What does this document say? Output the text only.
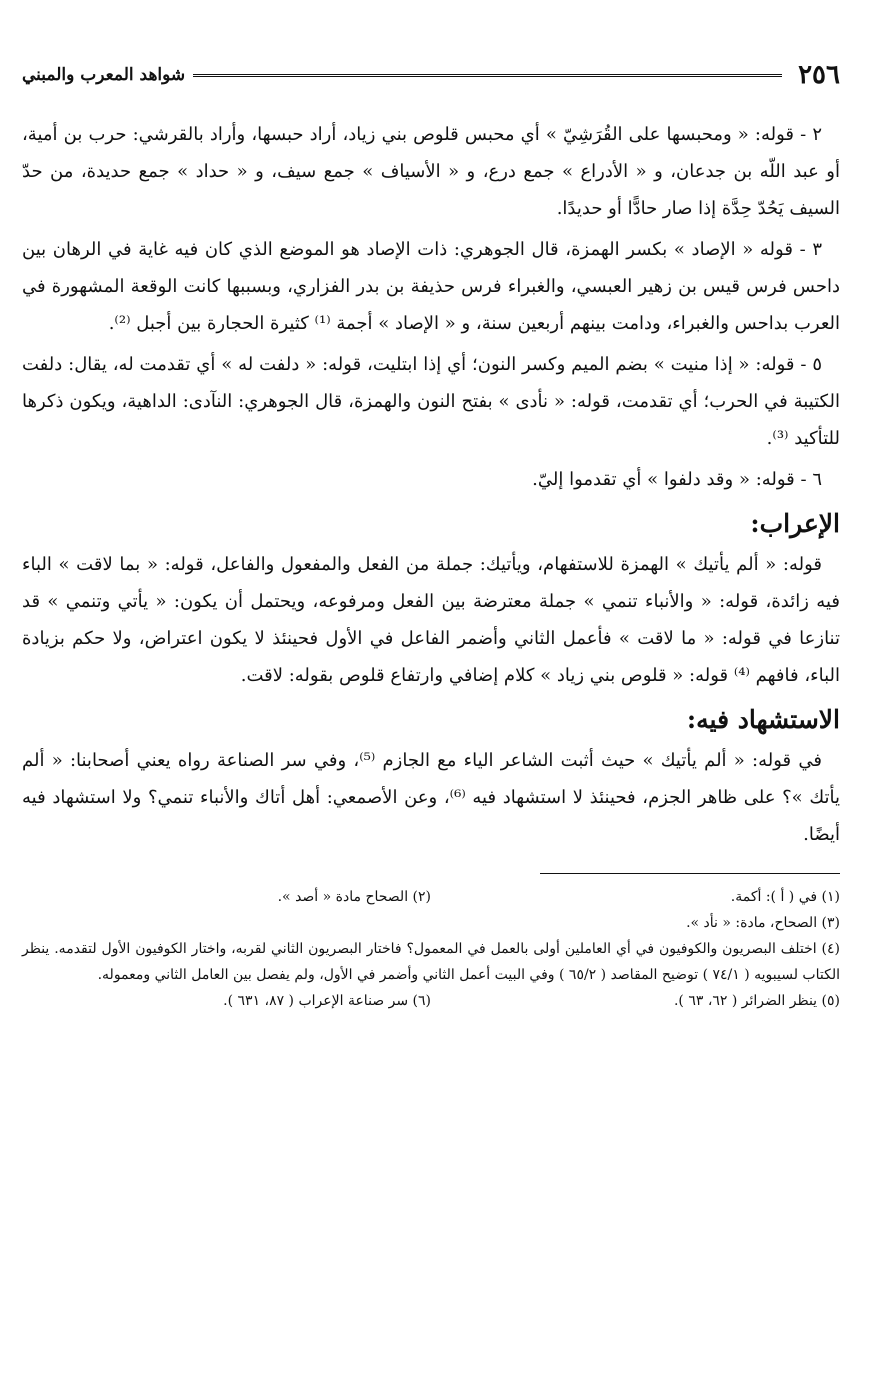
٢٥٦
شواهد المعرب والمبني

٢ - قوله: « ومحبسها على القُرَشِيّ » أي محبس قلوص بني زياد، أراد حبسها، وأراد بالقرشي: حرب بن أمية، أو عبد اللّه بن جدعان، و « الأدراع » جمع درع، و « الأسياف » جمع سيف، و « حداد » جمع حديدة، من حدّ السيف يَحُدّ حِدَّة إذا صار حادًّا أو حديدًا.

٣ - قوله « الإصاد » بكسر الهمزة، قال الجوهري: ذات الإصاد هو الموضع الذي كان فيه غاية في الرهان بين داحس فرس قيس بن زهير العبسي، والغبراء فرس حذيفة بن بدر الفزاري، وبسببها كانت الوقعة المشهورة في العرب بداحس والغبراء، ودامت بينهم أربعين سنة، و « الإصاد » أجمة ⁽¹⁾ كثيرة الحجارة بين أجبل ⁽²⁾.

٥ - قوله: « إذا منيت » بضم الميم وكسر النون؛ أي إذا ابتليت، قوله: « دلفت له » أي تقدمت له، يقال: دلفت الكتيبة في الحرب؛ أي تقدمت، قوله: « نأدى » بفتح النون والهمزة، قال الجوهري: النآدى: الداهية، ويكون ذكرها للتأكيد ⁽³⁾.

٦ - قوله: « وقد دلفوا » أي تقدموا إليّ.

الإعراب:

قوله: « ألم يأتيك » الهمزة للاستفهام، ويأتيك: جملة من الفعل والمفعول والفاعل، قوله: « بما لاقت » الباء فيه زائدة، قوله: « والأنباء تنمي » جملة معترضة بين الفعل ومرفوعه، ويحتمل أن يكون: « يأتي وتنمي » قد تنازعا في قوله: « ما لاقت » فأعمل الثاني وأضمر الفاعل في الأول فحينئذ لا يكون اعتراض، ولا حكم بزيادة الباء، فافهم ⁽⁴⁾ قوله: « قلوص بني زياد » كلام إضافي وارتفاع قلوص بقوله: لاقت.

الاستشهاد فيه:

في قوله: « ألم يأتيك » حيث أثبت الشاعر الياء مع الجازم ⁽⁵⁾، وفي سر الصناعة رواه يعني أصحابنا: « ألم يأتك »؟ على ظاهر الجزم، فحينئذ لا استشهاد فيه ⁽⁶⁾، وعن الأصمعي: أهل أتاك والأنباء تنمي؟ ولا استشهاد فيه أيضًا.

(١) في ( أ ): أكمة.
(٢) الصحاح مادة « أصد ».
(٣) الصحاح، مادة: « نأد ».
(٤) اختلف البصريون والكوفيون في أي العاملين أولى بالعمل في المعمول؟ فاختار البصريون الثاني لقربه، واختار الكوفيون الأول لتقدمه. ينظر الكتاب لسيبويه ( ٧٤/١ ) توضيح المقاصد ( ٦٥/٢ ) وفي البيت أعمل الثاني وأضمر في الأول، ولم يفصل بين العامل الثاني ومعموله.
(٥) ينظر الضرائر ( ٦٢، ٦٣ ).
(٦) سر صناعة الإعراب ( ٨٧، ٦٣١ ).
